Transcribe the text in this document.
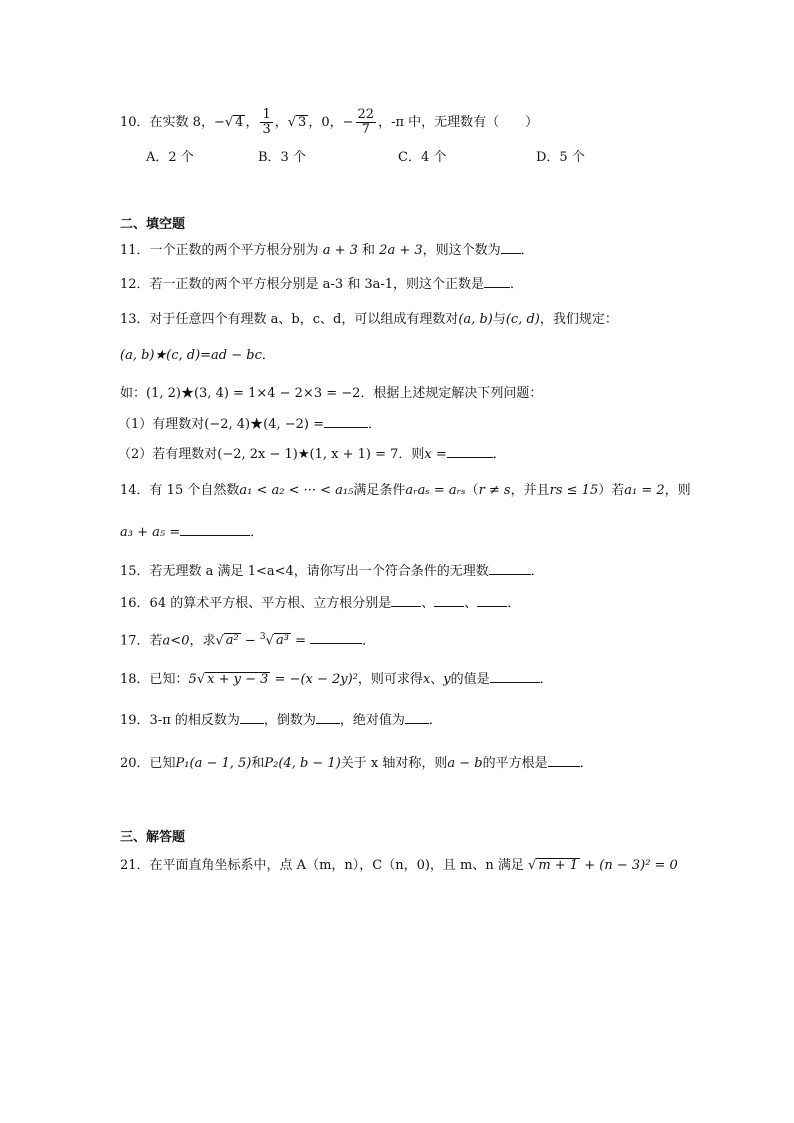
10．在实数 8，−√ 4 ， $\frac{1}{3}$ ，√ 3 ，0，− $\frac{22}{7}$ ，-π 中，无理数有（　　）
A．2 个	B．3 个	C．4 个	D．5 个
二、填空题
11．一个正数的两个平方根分别为 a + 3 和 2a + 3，则这个数为 ．
12．若一正数的两个平方根分别是 a-3 和 3a-1，则这个正数是 ．
13．对于任意四个有理数 a、b，c、d，可以组成有理数对(a, b)与(c, d)，我们规定：
(a, b)★(c, d)=ad − bc．
如：(1, 2)★(3, 4) = 1×4 − 2×3 = −2．根据上述规定解决下列问题：
（1）有理数对(−2, 4)★(4, −2) =	．
（2）若有理数对(−2, 2x − 1)★(1, x + 1) = 7．则x =	．
14．有 15 个自然数a₁ < a₂ < ··· < a₁₅满足条件aᵣaₛ = aᵣₛ（r ≠ s，并且rs ≤ 15）若a₁ = 2，则
a₃ + a₅ =	．
15．若无理数 a 满足 1<a<4，请你写出一个符合条件的无理数	．
16．64 的算术平方根、平方根、立方根分别是 、 、 ．
17．若a<0，求√ a² − $^3$√ a³ =	．
18．已知：5√ x + y − 3 = −(x − 2y)²，则可求得x、y的值是	．
19．3-π 的相反数为 ，倒数为 ，绝对值为 ．
20．已知P₁(a − 1, 5)和P₂(4, b − 1)关于 x 轴对称，则a − b的平方根是 ．
三、解答题
21．在平面直角坐标系中，点 A（m，n），C（n，0)，且 m、n 满足 √ m + 1 + (n − 3)² = 0
